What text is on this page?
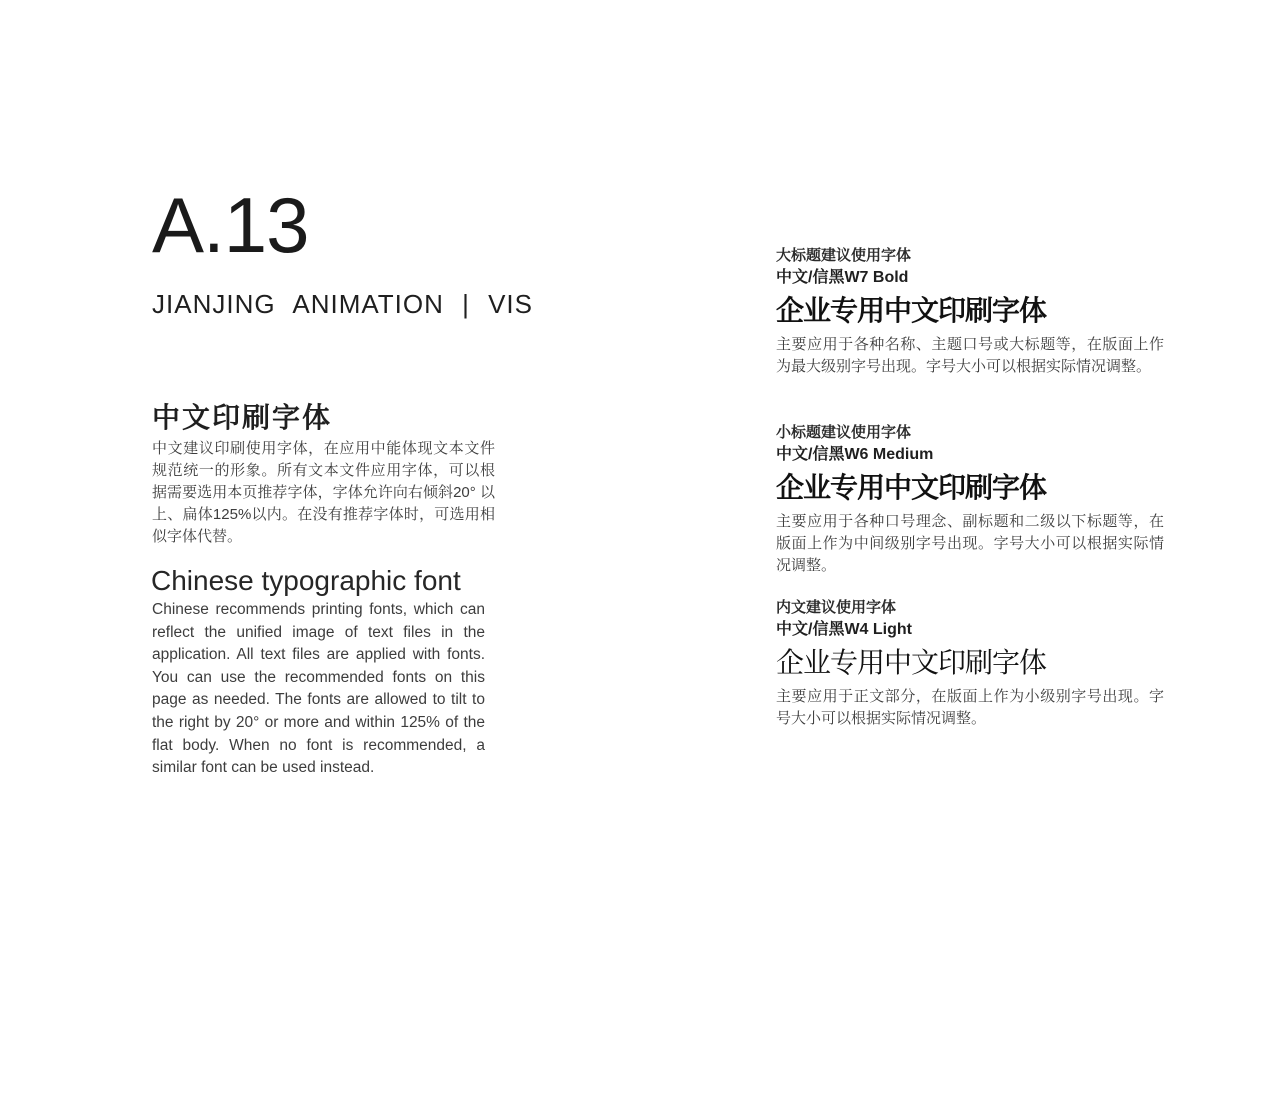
A.13
JIANJING ANIMATION | VIS
中文印刷字体
中文建议印刷使用字体，在应用中能体现文本文件规范统一的形象。所有文本文件应用字体，可以根据需要选用本页推荐字体，字体允许向右倾斜20° 以上、扁体125%以内。在没有推荐字体时，可选用相似字体代替。
Chinese typographic font
Chinese recommends printing fonts, which can reflect the unified image of text files in the application. All text files are applied with fonts. You can use the recommended fonts on this page as needed. The fonts are allowed to tilt to the right by 20° or more and within 125% of the flat body. When no font is recommended, a similar font can be used instead.
大标题建议使用字体
中文/信黑W7 Bold
企业专用中文印刷字体
主要应用于各种名称、主题口号或大标题等，在版面上作为最大级别字号出现。字号大小可以根据实际情况调整。
小标题建议使用字体
中文/信黑W6 Medium
企业专用中文印刷字体
主要应用于各种口号理念、副标题和二级以下标题等，在版面上作为中间级别字号出现。字号大小可以根据实际情况调整。
内文建议使用字体
中文/信黑W4 Light
企业专用中文印刷字体
主要应用于正文部分，在版面上作为小级别字号出现。字号大小可以根据实际情况调整。
